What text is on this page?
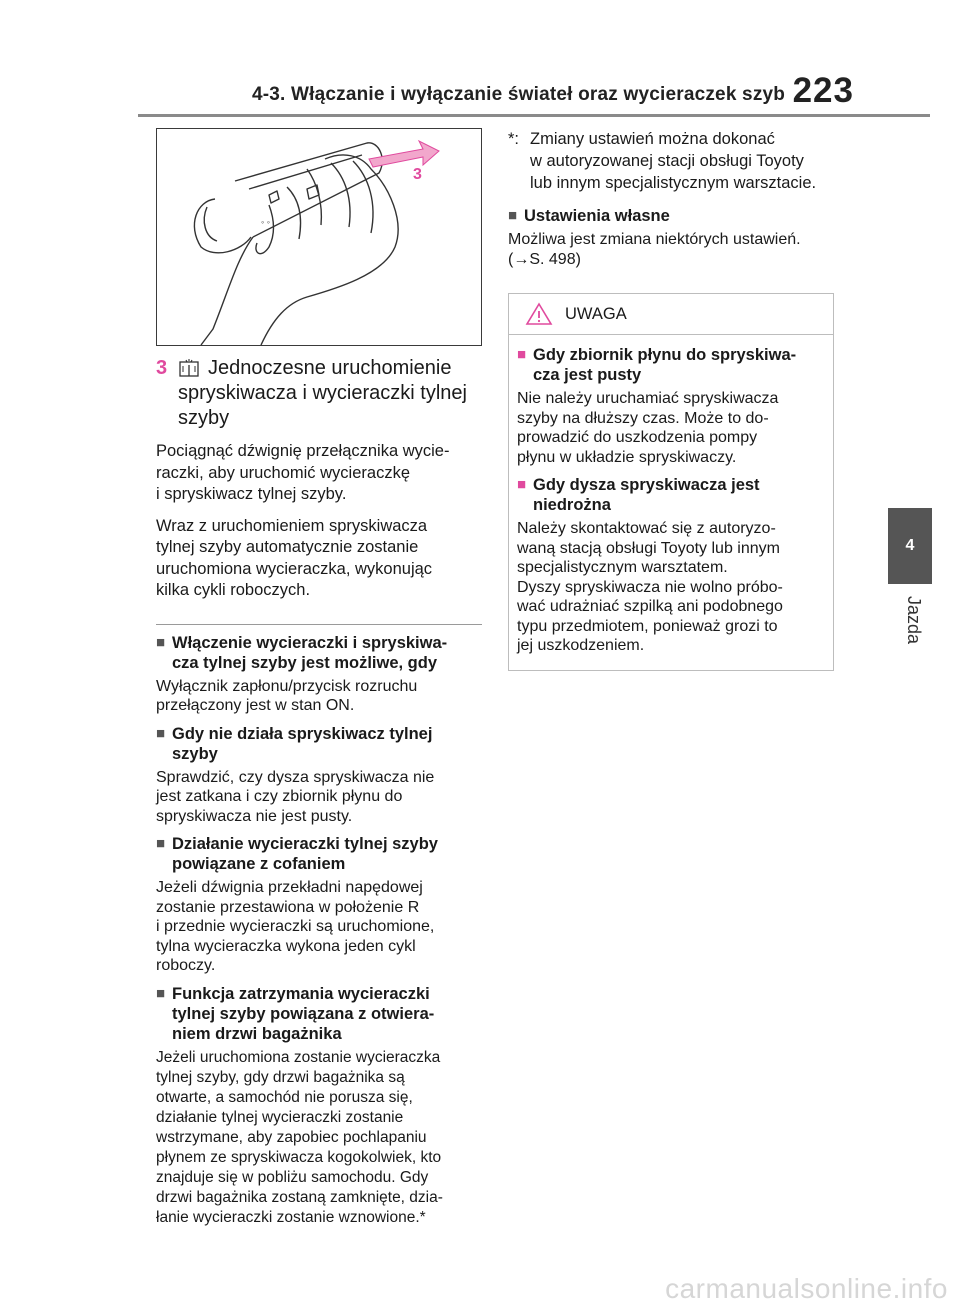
4-3. Włączanie i wyłączanie świateł oraz wycieraczek szyb 223
4
Jazda
◦ ◦
3
3	Jednoczesne uruchomienie
spryskiwacza i wycieraczki tylnej
szyby

Pociągnąć dźwignię przełącznika wycie-
raczki, aby uruchomić wycieraczkę
i spryskiwacz tylnej szyby.

Wraz z uruchomieniem spryskiwacza
tylnej szyby automatycznie zostanie
uruchomiona wycieraczka, wykonując
kilka cykli roboczych.

■ Włączenie wycieraczki i spryskiwa-
cza tylnej szyby jest możliwe, gdy

Wyłącznik zapłonu/przycisk rozruchu
przełączony jest w stan ON.

■ Gdy nie działa spryskiwacz tylnej
szyby

Sprawdzić, czy dysza spryskiwacza nie
jest zatkana i czy zbiornik płynu do
spryskiwacza nie jest pusty.

■ Działanie wycieraczki tylnej szyby
powiązane z cofaniem

Jeżeli dźwignia przekładni napędowej
zostanie przestawiona w położenie R
i przednie wycieraczki są uruchomione,
tylna wycieraczka wykona jeden cykl
roboczy.

■ Funkcja zatrzymania wycieraczki
tylnej szyby powiązana z otwiera-
niem drzwi bagażnika

Jeżeli uruchomiona zostanie wycieraczka
tylnej szyby, gdy drzwi bagażnika są
otwarte, a samochód nie porusza się,
działanie tylnej wycieraczki zostanie
wstrzymane, aby zapobiec pochlapaniu
płynem ze spryskiwacza kogokolwiek, kto
znajduje się w pobliżu samochodu. Gdy
drzwi bagażnika zostaną zamknięte, dzia-
łanie wycieraczki zostanie wznowione.*

*: Zmiany ustawień można dokonać
w autoryzowanej stacji obsługi Toyoty
lub innym specjalistycznym warsztacie.
■ Ustawienia własne

Możliwa jest zmiana niektórych ustawień.
(→S. 498)

UWAGA
■ Gdy zbiornik płynu do spryskiwa-
cza jest pusty

Nie należy uruchamiać spryskiwacza
szyby na dłuższy czas. Może to do-
prowadzić do uszkodzenia pompy
płynu w układzie spryskiwaczy.

■ Gdy dysza spryskiwacza jest
niedrożna

Należy skontaktować się z autoryzo-
waną stacją obsługi Toyoty lub innym
specjalistycznym warsztatem.
Dyszy spryskiwacza nie wolno próbo-
wać udrażniać szpilką ani podobnego
typu przedmiotem, ponieważ grozi to
jej uszkodzeniem.

carmanualsonline.info
